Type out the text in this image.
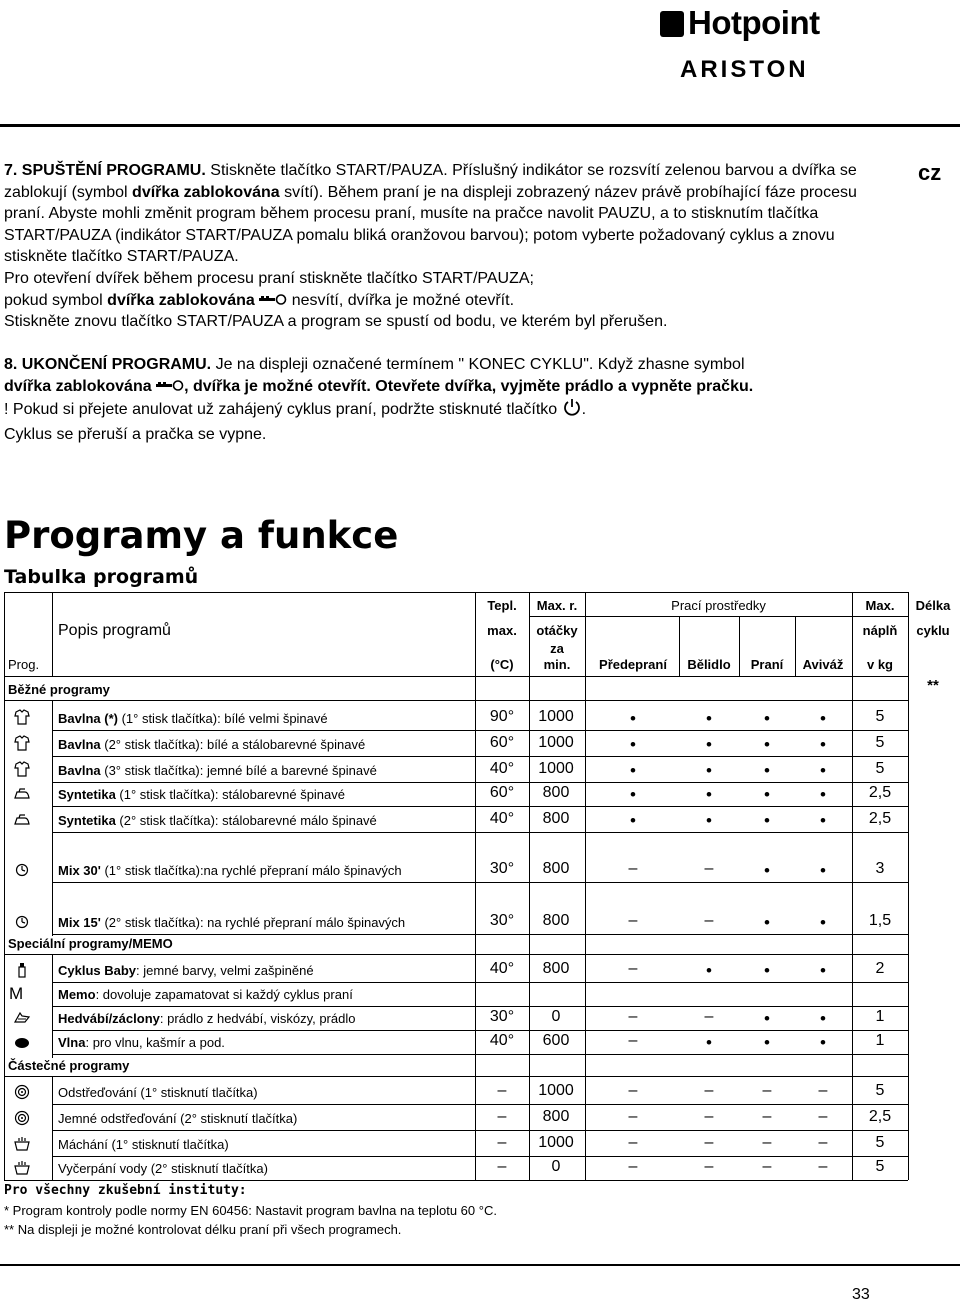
Hotpoint
ARISTON
cz

7. SPUŠTĚNÍ PROGRAMU. Stiskněte tlačítko START/PAUZA. Příslušný indikátor se rozsvítí zelenou barvou a dvířka se zablokují (symbol dvířka zablokována svítí). Během praní je na displeji zobrazený název právě probíhající fáze procesu praní. Abyste mohli změnit program během procesu praní, musíte na pračce navolit PAUZU, a to stisknutím tlačítka START/PAUZA (indikátor START/PAUZA pomalu bliká oranžovou barvou); potom vyberte požadovaný cyklus a znovu stiskněte tlačítko START/PAUZA.

Pro otevření dvířek během procesu praní stiskněte tlačítko START/PAUZA;

pokud symbol dvířka zablokována  nesvítí, dvířka je možné otevřít.

Stiskněte znovu tlačítko START/PAUZA a program se spustí od bodu, ve kterém byl přerušen.

8. UKONČENÍ PROGRAMU. Je na displeji označené termínem " KONEC CYKLU". Když zhasne symbol

dvířka zablokována , dvířka je možné otevřít. Otevřete dvířka, vyjměte prádlo a vypněte pračku.

! Pokud si přejete anulovat už zahájený cyklus praní, podržte stisknuté tlačítko .

Cyklus se přeruší a pračka se vypne.

Programy a funkce
Tabulka programů
Prog.
Popis programů
Tepl.
max.
(°C)
Max. r.
otáčky
za
min.
Prací prostředky
Předepraní	Bělidlo	Praní	Aviváž
Max.
náplň
v kg
Délka
cyklu
**
Běžné programy
Bavlna (*) (1° stisk tlačítka): bílé velmi špinavé	90°	1000	•	•	•	•	5
Bavlna (2° stisk tlačítka): bílé a stálobarevné špinavé	60°	1000	•	•	•	•	5
Bavlna (3° stisk tlačítka): jemné bílé a barevné špinavé	40°	1000	•	•	•	•	5
Syntetika (1° stisk tlačítka): stálobarevné špinavé	60°	800	•	•	•	•	2,5
Syntetika (2° stisk tlačítka): stálobarevné málo špinavé	40°	800	•	•	•	•	2,5
Mix 30' (1° stisk tlačítka):na rychlé přepraní málo špinavých	30°	800	–	–	•	•	3
Mix 15' (2° stisk tlačítka): na rychlé přepraní málo špinavých	30°	800	–	–	•	•	1,5
Speciální programy/MEMO
Cyklus Baby: jemné barvy, velmi zašpiněné	40°	800	–	•	•	•	2
M	Memo: dovoluje zapamatovat si každý cyklus praní
Hedvábí/záclony: prádlo z hedvábí, viskózy, prádlo	30°	0	–	–	•	•	1
Vlna: pro vlnu, kašmír a pod.	40°	600	–	•	•	•	1
Částečné programy
Odstřeďování (1° stisknutí tlačítka)	–	1000	–	–	–	–	5
Jemné odstřeďování (2° stisknutí tlačítka)	–	800	–	–	–	–	2,5
Máchání (1° stisknutí tlačítka)	–	1000	–	–	–	–	5
Vyčerpání vody (2° stisknutí tlačítka)	–	0	–	–	–	–	5
Pro všechny zkušební instituty:
* Program kontroly podle normy EN 60456: Nastavit program bavlna na teplotu 60 °C.
** Na displeji je možné kontrolovat délku praní při všech programech.
33
